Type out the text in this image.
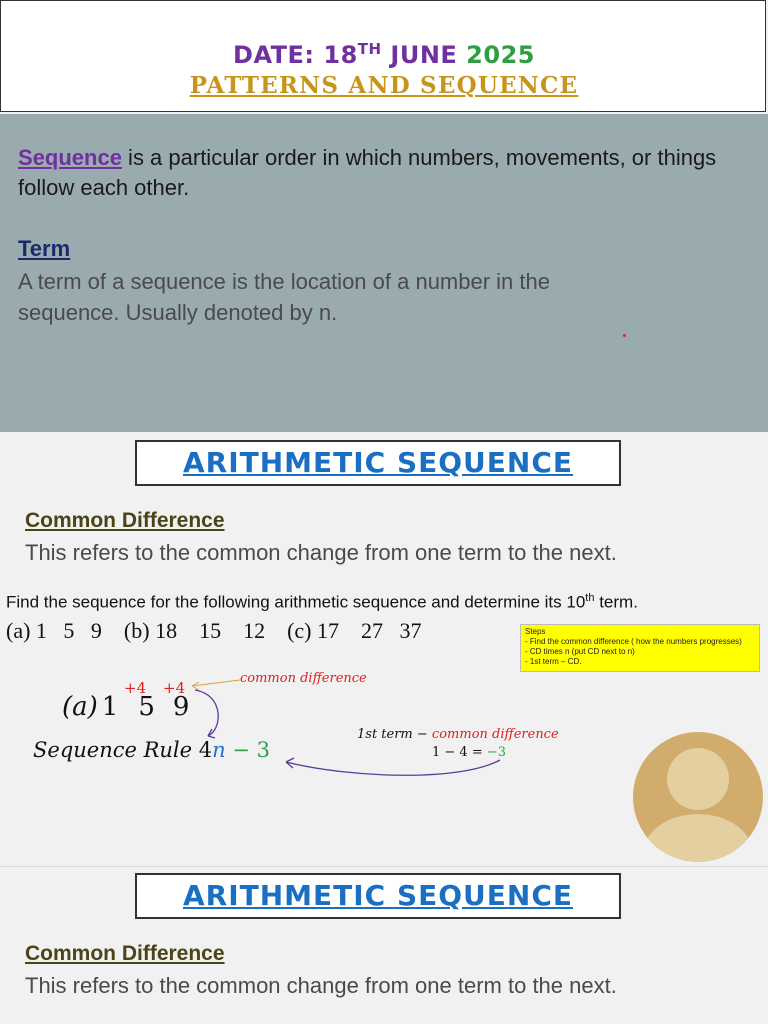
DATE: 18TH JUNE 2025
PATTERNS AND SEQUENCE
Sequence is a particular order in which numbers, movements, or things follow each other.
Term
A term of a sequence is the location of a number in the sequence. Usually denoted by n.
ARITHMETIC SEQUENCE
Common Difference
This refers to the common change from one term to the next.
Find the sequence for the following arithmetic sequence and determine its 10th term.
(a) 1   5   9    (b) 18    15    12    (c) 17    27   37	Steps
- Find the common difference ( how the numbers progresses)
- CD times n (put CD next to n)
- 1st term – CD.
+4 +4
common difference
(a) 1 5 9
Sequence Rule 4n − 3
1st term − common difference
1 − 4 = −3
ARITHMETIC SEQUENCE
Common Difference
This refers to the common change from one term to the next.
